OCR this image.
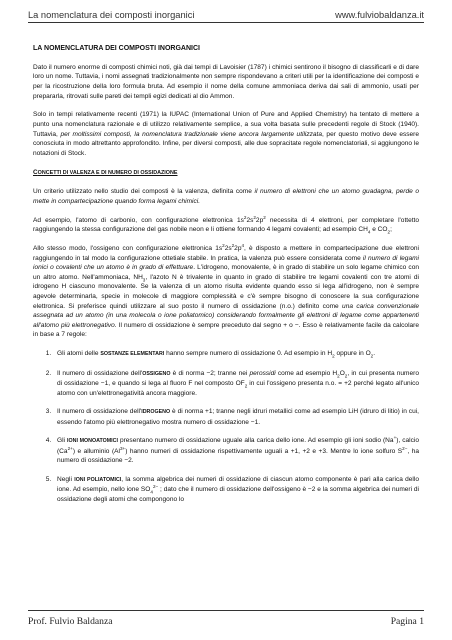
La nomenclatura dei composti inorganici	www.fulviobaldanza.it

LA NOMENCLATURA DEI COMPOSTI INORGANICI

Dato il numero enorme di composti chimici noti, già dai tempi di Lavoisier (1787) i chimici sentirono il bisogno di classificarli e di dare loro un nome. Tuttavia, i nomi assegnati tradizionalmente non sempre rispondevano a criteri utili per la identificazione dei composti e per la ricostruzione della loro formula bruta. Ad esempio il nome della comune ammoniaca deriva dai sali di ammonio, usati per prepararla, ritrovati sulle pareti dei templi egizi dedicati al dio Ammon.

Solo in tempi relativamente recenti (1971) la IUPAC (International Union of Pure and Applied Chemistry) ha tentato di mettere a punto una nomenclatura razionale e di utilizzo relativamente semplice, a sua volta basata sulle precedenti regole di Stock (1940). Tuttavia, per moltissimi composti, la nomenclatura tradizionale viene ancora largamente utilizzata, per questo motivo deve essere conosciuta in modo altrettanto approfondito. Infine, per diversi composti, alle due sopracitate regole nomenclatoriali, si aggiungono le notazioni di Stock.

CONCETTI DI VALENZA E DI NUMERO DI OSSIDAZIONE

Un criterio utilizzato nello studio dei composti è la valenza, definita come il numero di elettroni che un atomo guadagna, perde o mette in compartecipazione quando forma legami chimici.

Ad esempio, l'atomo di carbonio, con configurazione elettronica $1s^22s^22p^2$ necessita di 4 elettroni, per completare l'ottetto raggiungendo la stessa configurazione del gas nobile neon e li ottiene formando 4 legami covalenti; ad esempio $CH_4$ e $CO_2$;

Allo stesso modo, l'ossigeno con configurazione elettronica $1s^22s^22p^4$, è disposto a mettere in compartecipazione due elettroni raggiungendo in tal modo la configurazione ottetiale stabile. In pratica, la valenza può essere considerata come il numero di legami ionici o covalenti che un atomo è in grado di effettuare. L'idrogeno, monovalente, è in grado di stabilire un solo legame chimico con un altro atomo. Nell'ammoniaca, $NH_3$, l'azoto N è trivalente in quanto in grado di stabilire tre legami covalenti con tre atomi di idrogeno H ciascuno monovalente. Se la valenza di un atomo risulta evidente quando esso si lega all'idrogeno, non è sempre agevole determinarla, specie in molecole di maggiore complessità e c'è sempre bisogno di conoscere la sua configurazione elettronica. Si preferisce quindi utilizzare al suo posto il numero di ossidazione (n.o.) definito come una carica convenzionale assegnata ad un atomo (in una molecola o ione poliatomico) considerando formalmente gli elettroni di legame come appartenenti all'atomo più elettronegativo. Il numero di ossidazione è sempre preceduto dal segno + o −. Esso è relativamente facile da calcolare in base a 7 regole:

1. Gli atomi delle SOSTANZE ELEMENTARI hanno sempre numero di ossidazione 0. Ad esempio in $H_2$ oppure in $O_2$.
2. Il numero di ossidazione dell'OSSIGENO è di norma −2; tranne nei perossidi come ad esempio $H_2O_2$, in cui presenta numero di ossidazione −1, e quando si lega al fluoro F nel composto $OF_2$ in cui l'ossigeno presenta n.o. = +2 perché legato all'unico atomo con un'elettronegatività ancora maggiore.
3. Il numero di ossidazione dell'IDROGENO è di norma +1; tranne negli idruri metallici come ad esempio LiH (idruro di litio) in cui, essendo l'atomo più elettronegativo mostra numero di ossidazione −1.
4. Gli IONI MONOATOMICI presentano numero di ossidazione uguale alla carica dello ione. Ad esempio gli ioni sodio (Na+), calcio $(Ca^{2+})$ e alluminio $(Al^{3+})$ hanno numeri di ossidazione rispettivamente uguali a +1, +2 e +3. Mentre lo ione solfuro $S^{2-}$, ha numero di ossidazione −2.
5. Negli IONI POLIATOMICI, la somma algebrica dei numeri di ossidazione di ciascun atomo componente è pari alla carica dello ione. Ad esempio, nello ione $SO_4^{2-}$ ; dato che il numero di ossidazione dell'ossigeno è −2 e la somma algebrica dei numeri di ossidazione degli atomi che compongono lo
Prof. Fulvio Baldanza	Pagina 1
